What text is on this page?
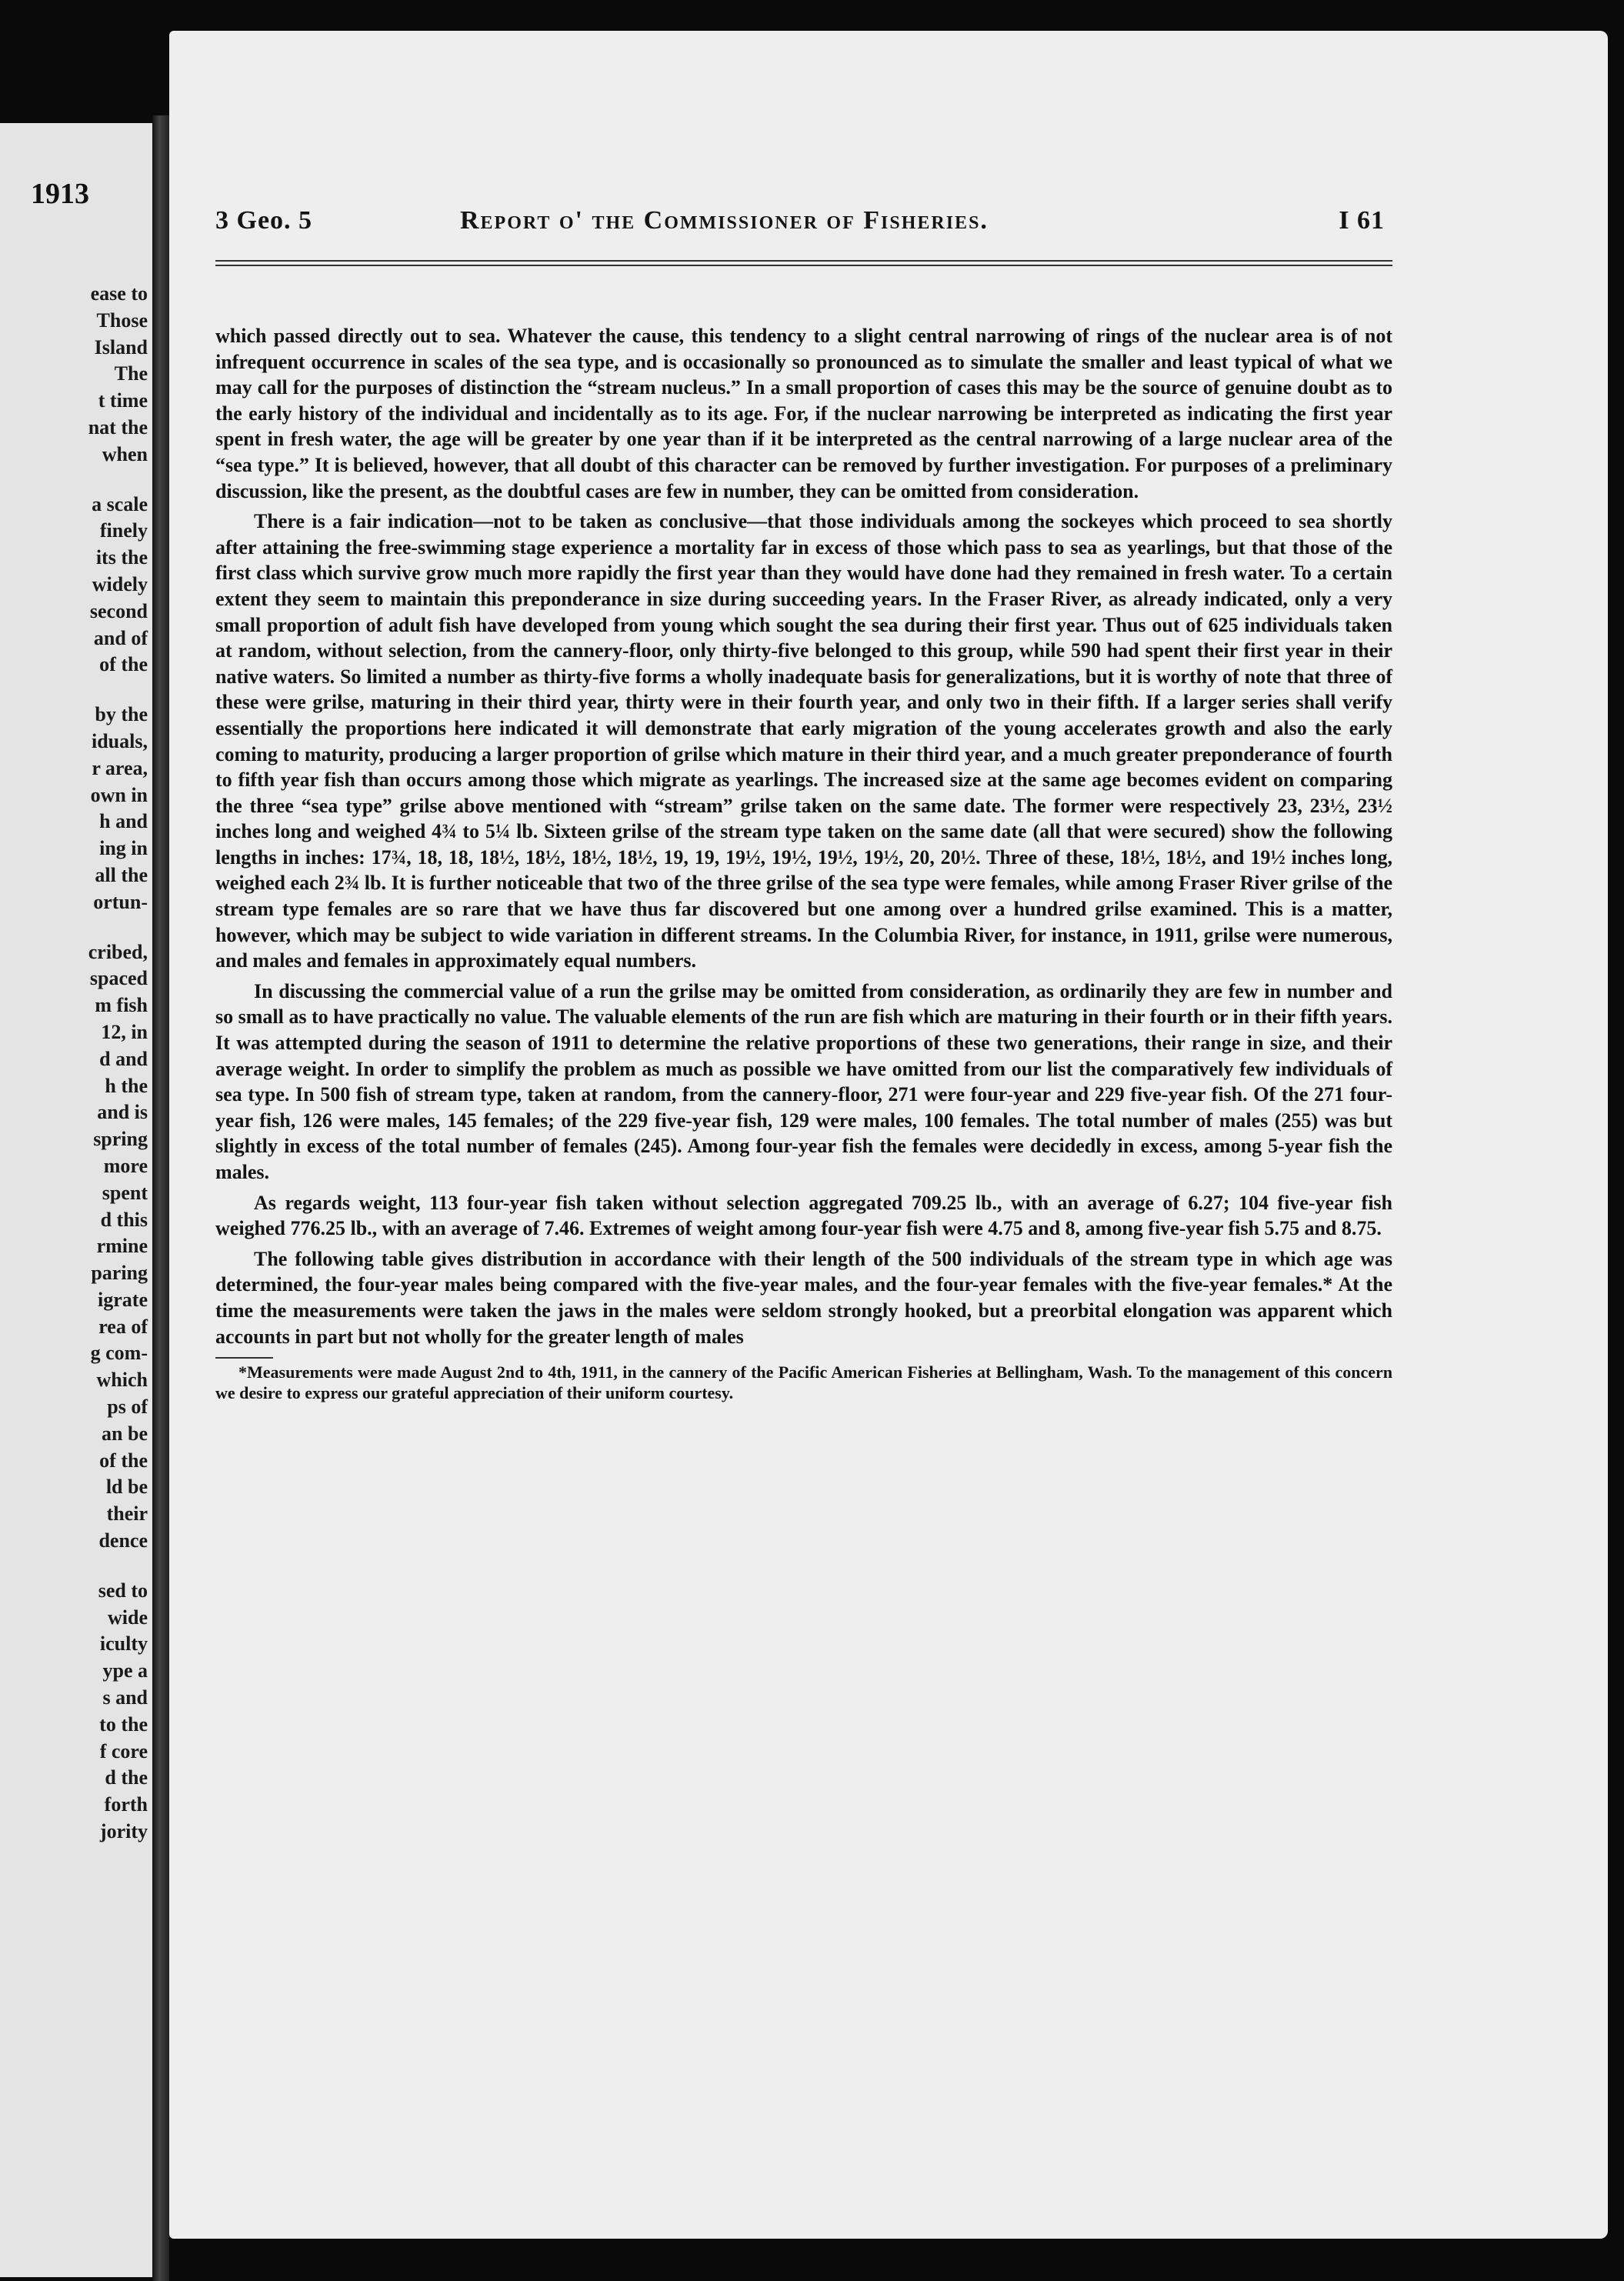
1913
ease to
Those
Island
The
t time
nat the
when
a scale
finely
its the
widely
second
and of
of the
by the
iduals,
r area,
own in
h and
ing in
all the
ortun-
cribed,
spaced
m fish
12, in
d and
h the
and is
spring
more
spent
d this
rmine
paring
igrate
rea of
g com-
which
ps of
an be
of the
ld be
their
dence
sed to
wide
iculty
ype a
s and
to the
f core
d the
forth
jority
3 Geo. 5	Report o' the Commissioner of Fisheries.	I 61

which passed directly out to sea. Whatever the cause, this tendency to a slight central narrowing of rings of the nuclear area is of not infrequent occurrence in scales of the sea type, and is occasionally so pronounced as to simulate the smaller and least typical of what we may call for the purposes of distinction the “stream nucleus.” In a small proportion of cases this may be the source of genuine doubt as to the early history of the individual and incidentally as to its age. For, if the nuclear narrowing be interpreted as indicating the first year spent in fresh water, the age will be greater by one year than if it be interpreted as the central narrowing of a large nuclear area of the “sea type.” It is believed, however, that all doubt of this character can be removed by further investigation. For purposes of a preliminary discussion, like the present, as the doubtful cases are few in number, they can be omitted from consideration.

There is a fair indication—not to be taken as conclusive—that those individuals among the sockeyes which proceed to sea shortly after attaining the free-swimming stage experience a mortality far in excess of those which pass to sea as yearlings, but that those of the first class which survive grow much more rapidly the first year than they would have done had they remained in fresh water. To a certain extent they seem to maintain this preponderance in size during succeeding years. In the Fraser River, as already indicated, only a very small proportion of adult fish have developed from young which sought the sea during their first year. Thus out of 625 individuals taken at random, without selection, from the cannery-floor, only thirty-five belonged to this group, while 590 had spent their first year in their native waters. So limited a number as thirty-five forms a wholly inadequate basis for generalizations, but it is worthy of note that three of these were grilse, maturing in their third year, thirty were in their fourth year, and only two in their fifth. If a larger series shall verify essentially the proportions here indicated it will demonstrate that early migration of the young accelerates growth and also the early coming to maturity, producing a larger proportion of grilse which mature in their third year, and a much greater preponderance of fourth to fifth year fish than occurs among those which migrate as yearlings. The increased size at the same age becomes evident on comparing the three “sea type” grilse above mentioned with “stream” grilse taken on the same date. The former were respectively 23, 23½, 23½ inches long and weighed 4¾ to 5¼ lb. Sixteen grilse of the stream type taken on the same date (all that were secured) show the following lengths in inches: 17¾, 18, 18, 18½, 18½, 18½, 18½, 19, 19, 19½, 19½, 19½, 19½, 20, 20½. Three of these, 18½, 18½, and 19½ inches long, weighed each 2¾ lb. It is further noticeable that two of the three grilse of the sea type were females, while among Fraser River grilse of the stream type females are so rare that we have thus far discovered but one among over a hundred grilse examined. This is a matter, however, which may be subject to wide variation in different streams. In the Columbia River, for instance, in 1911, grilse were numerous, and males and females in approximately equal numbers.

In discussing the commercial value of a run the grilse may be omitted from consideration, as ordinarily they are few in number and so small as to have practically no value. The valuable elements of the run are fish which are maturing in their fourth or in their fifth years. It was attempted during the season of 1911 to determine the relative proportions of these two generations, their range in size, and their average weight. In order to simplify the problem as much as possible we have omitted from our list the comparatively few individuals of sea type. In 500 fish of stream type, taken at random, from the cannery-floor, 271 were four-year and 229 five-year fish. Of the 271 four-year fish, 126 were males, 145 females; of the 229 five-year fish, 129 were males, 100 females. The total number of males (255) was but slightly in excess of the total number of females (245). Among four-year fish the females were decidedly in excess, among 5-year fish the males.

As regards weight, 113 four-year fish taken without selection aggregated 709.25 lb., with an average of 6.27; 104 five-year fish weighed 776.25 lb., with an average of 7.46. Extremes of weight among four-year fish were 4.75 and 8, among five-year fish 5.75 and 8.75.

The following table gives distribution in accordance with their length of the 500 individuals of the stream type in which age was determined, the four-year males being compared with the five-year males, and the four-year females with the five-year females.* At the time the measurements were taken the jaws in the males were seldom strongly hooked, but a preorbital elongation was apparent which accounts in part but not wholly for the greater length of males

*Measurements were made August 2nd to 4th, 1911, in the cannery of the Pacific American Fisheries at Bellingham, Wash. To the management of this concern we desire to express our grateful appreciation of their uniform courtesy.
